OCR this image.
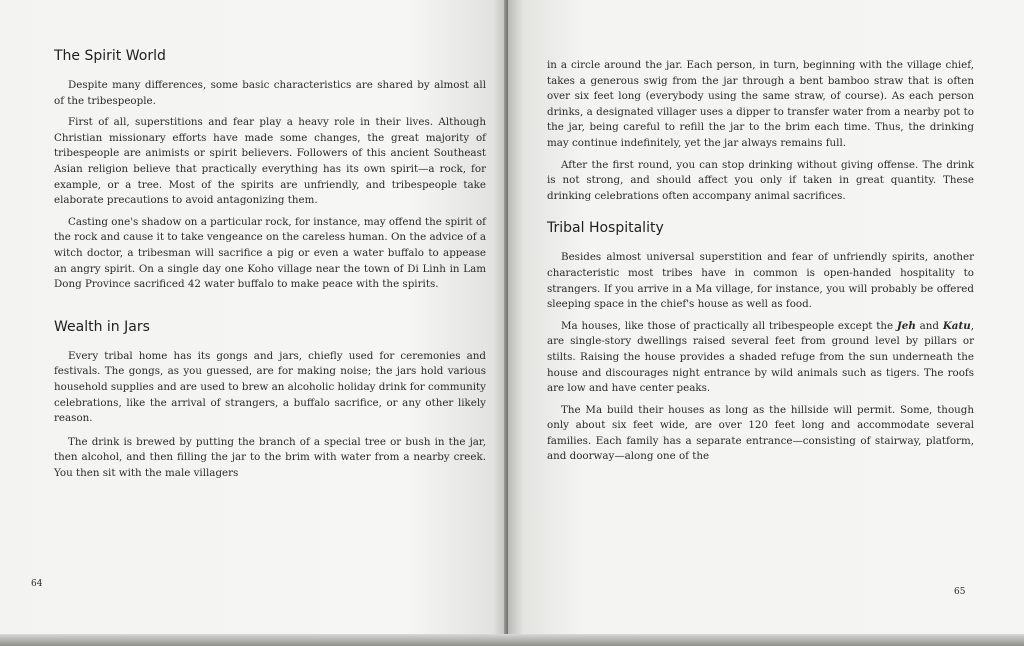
The Spirit World

Despite many differences, some basic characteristics are shared by almost all of the tribespeople.

First of all, superstitions and fear play a heavy role in their lives. Although Christian missionary efforts have made some changes, the great majority of tribespeople are animists or spirit believers. Followers of this ancient Southeast Asian religion believe that practically everything has its own spirit—a rock, for example, or a tree. Most of the spirits are unfriendly, and tribespeople take elaborate precautions to avoid antagonizing them.

Casting one's shadow on a particular rock, for instance, may offend the spirit of the rock and cause it to take vengeance on the careless human. On the advice of a witch doctor, a tribesman will sacrifice a pig or even a water buffalo to appease an angry spirit. On a single day one Koho village near the town of Di Linh in Lam Dong Province sacrificed 42 water buffalo to make peace with the spirits.

Wealth in Jars

Every tribal home has its gongs and jars, chiefly used for ceremonies and festivals. The gongs, as you guessed, are for making noise; the jars hold various household supplies and are used to brew an alcoholic holiday drink for community celebrations, like the arrival of strangers, a buffalo sacrifice, or any other likely reason.

The drink is brewed by putting the branch of a special tree or bush in the jar, then alcohol, and then filling the jar to the brim with water from a nearby creek. You then sit with the male villagers

64

in a circle around the jar. Each person, in turn, beginning with the village chief, takes a generous swig from the jar through a bent bamboo straw that is often over six feet long (everybody using the same straw, of course). As each person drinks, a designated villager uses a dipper to transfer water from a nearby pot to the jar, being careful to refill the jar to the brim each time. Thus, the drinking may continue indefinitely, yet the jar always remains full.

After the first round, you can stop drinking without giving offense. The drink is not strong, and should affect you only if taken in great quantity. These drinking celebrations often accompany animal sacrifices.

Tribal Hospitality

Besides almost universal superstition and fear of unfriendly spirits, another characteristic most tribes have in common is open-handed hospitality to strangers. If you arrive in a Ma village, for instance, you will probably be offered sleeping space in the chief's house as well as food.

Ma houses, like those of practically all tribespeople except the Jeh and Katu, are single-story dwellings raised several feet from ground level by pillars or stilts. Raising the house provides a shaded refuge from the sun underneath the house and discourages night entrance by wild animals such as tigers. The roofs are low and have center peaks.

The Ma build their houses as long as the hillside will permit. Some, though only about six feet wide, are over 120 feet long and accommodate several families. Each family has a separate entrance—consisting of stairway, platform, and doorway—along one of the

65
